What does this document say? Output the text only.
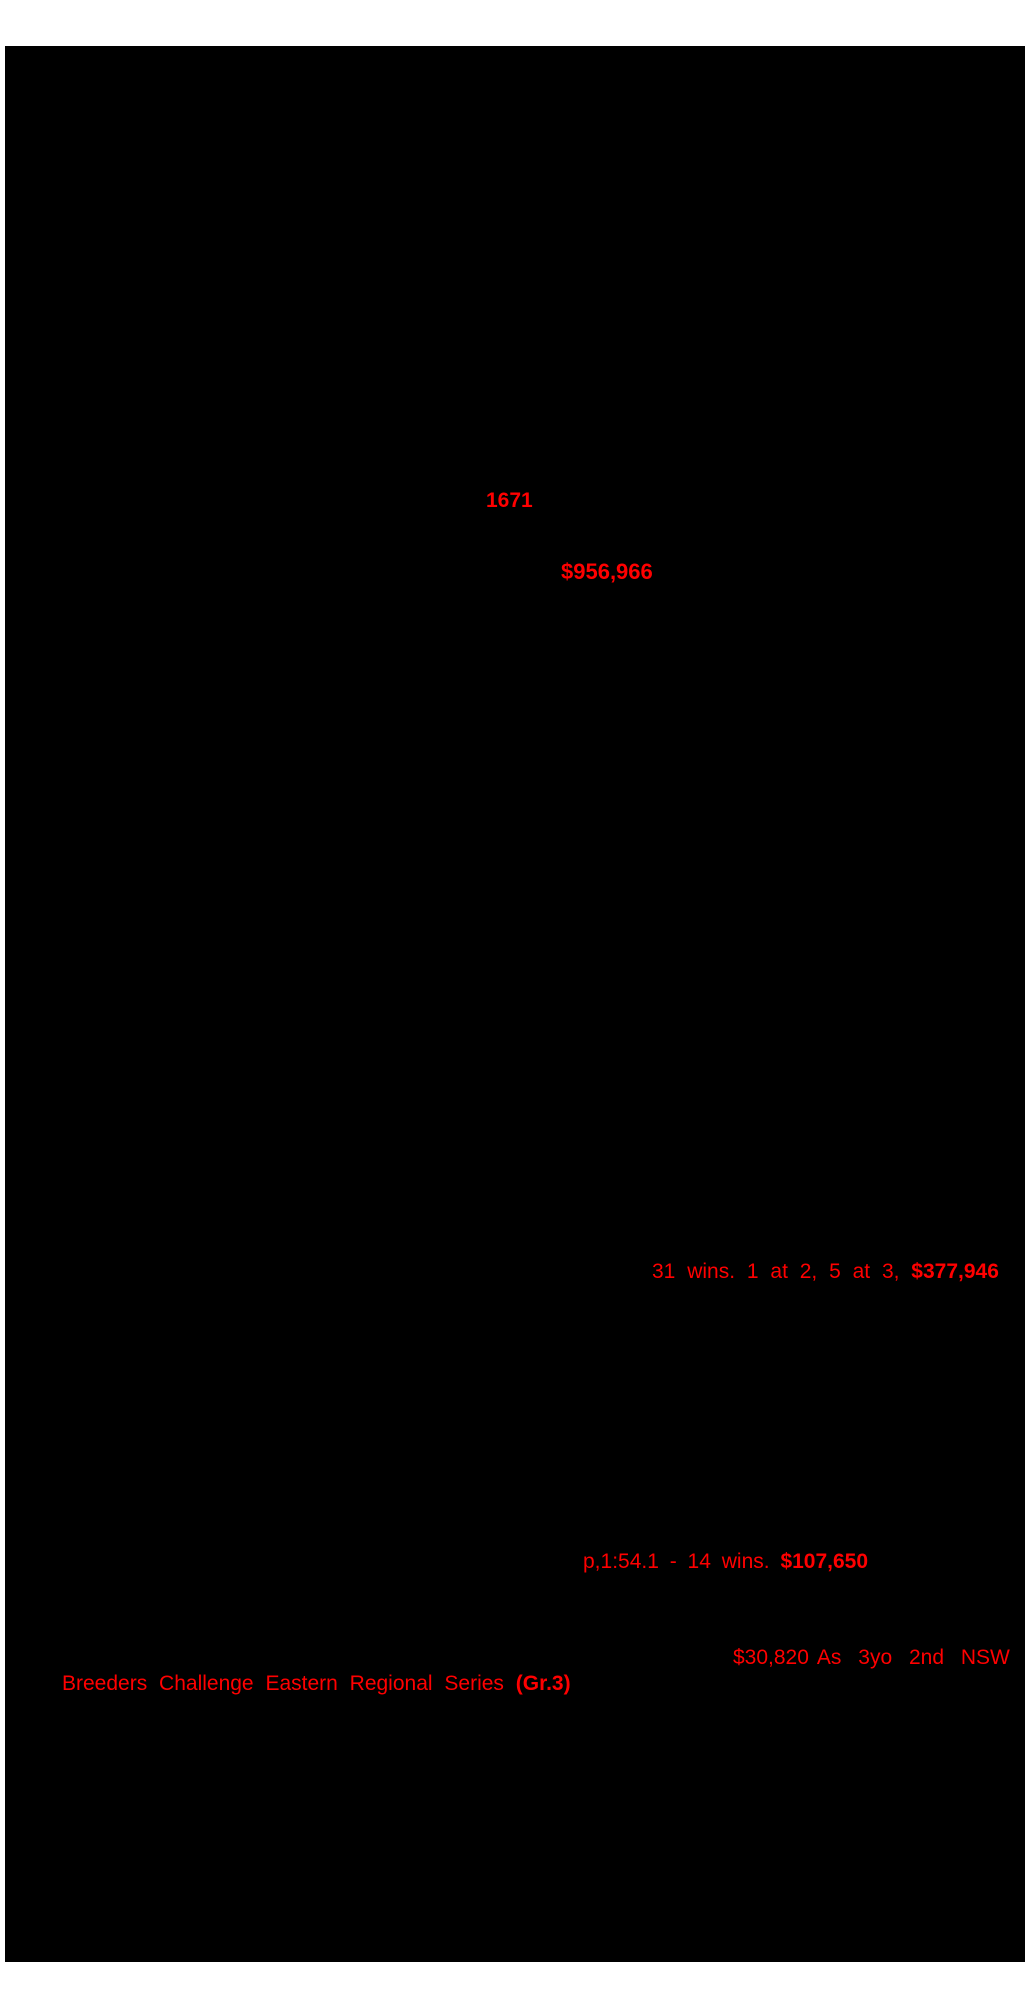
1671
$956,966
31 wins. 1 at 2, 5 at 3, $377,946
p,1:54.1 - 14 wins. $107,650
$30,820 As 3yo 2nd NSW
Breeders Challenge Eastern Regional Series (Gr.3)
